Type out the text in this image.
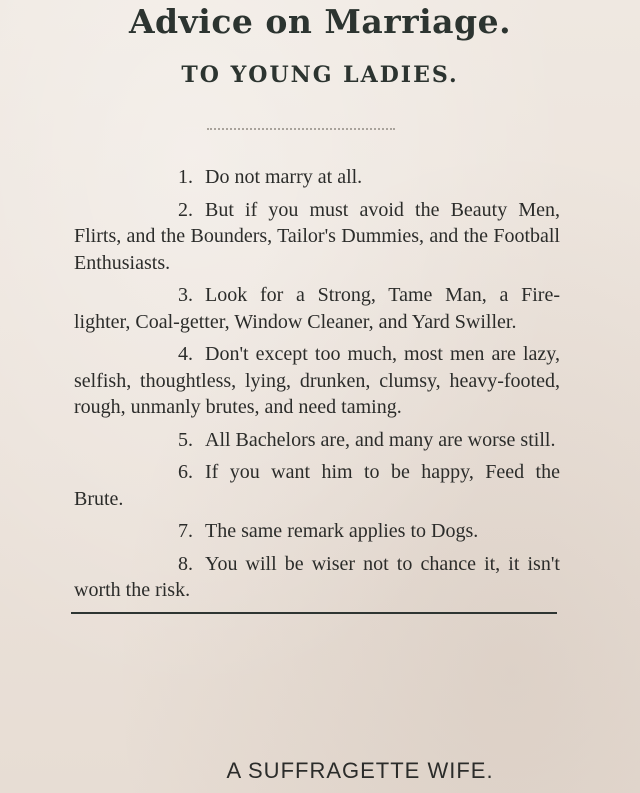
Advice on Marriage.
TO YOUNG LADIES.

1. Do not marry at all.

2. But if you must avoid the Beauty Men, Flirts, and the Bounders, Tailor's Dummies, and the Football Enthusiasts.

3. Look for a Strong, Tame Man, a Fire-lighter, Coal-getter, Window Cleaner, and Yard Swiller.

4. Don't except too much, most men are lazy, selfish, thoughtless, lying, drunken, clumsy, heavy-footed, rough, unmanly brutes, and need taming.

5. All Bachelors are, and many are worse still.

6. If you want him to be happy, Feed the Brute.

7. The same remark applies to Dogs.

8. You will be wiser not to chance it, it isn't worth the risk.

A SUFFRAGETTE WIFE.
